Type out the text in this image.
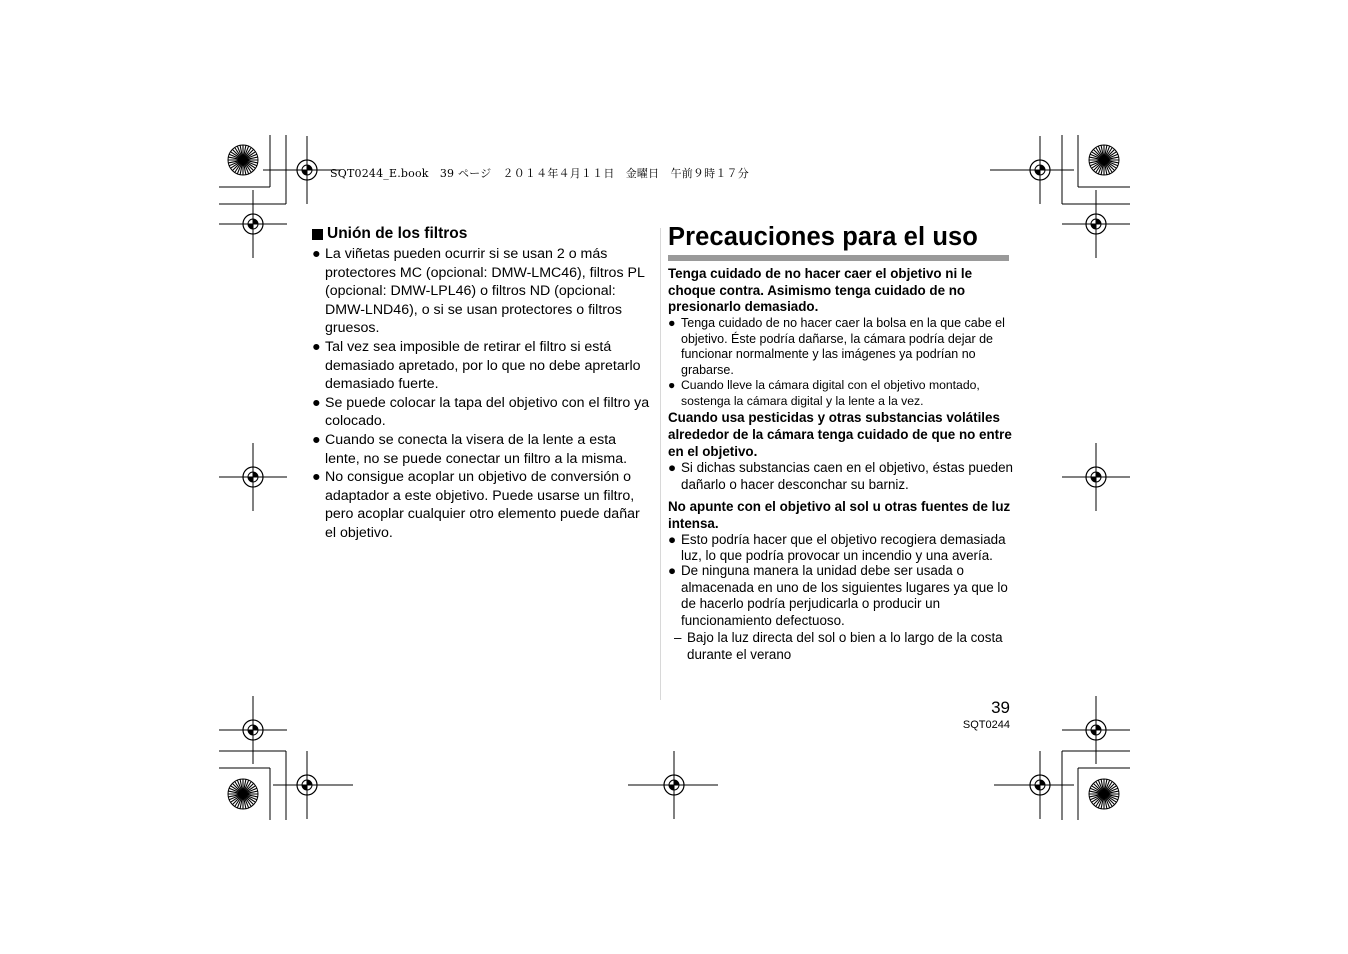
SQT0244_E.book　39 ページ　２０１４年４月１１日　金曜日　午前９時１７分
Unión de los filtros

● La viñetas pueden ocurrir si se usan 2 o más protectores MC (opcional: DMW-LMC46), filtros PL (opcional: DMW-LPL46) o filtros ND (opcional: DMW-LND46), o si se usan protectores o filtros gruesos.

● Tal vez sea imposible de retirar el filtro si está demasiado apretado, por lo que no debe apretarlo demasiado fuerte.

● Se puede colocar la tapa del objetivo con el filtro ya colocado.

● Cuando se conecta la visera de la lente a esta lente, no se puede conectar un filtro a la misma.

● No consigue acoplar un objetivo de conversión o adaptador a este objetivo. Puede usarse un filtro, pero acoplar cualquier otro elemento puede dañar el objetivo.

Precauciones para el uso

Tenga cuidado de no hacer caer el objetivo ni le choque contra. Asimismo tenga cuidado de no presionarlo demasiado.

● Tenga cuidado de no hacer caer la bolsa en la que cabe el objetivo. Éste podría dañarse, la cámara podría dejar de funcionar normalmente y las imágenes ya podrían no grabarse.

● Cuando lleve la cámara digital con el objetivo montado, sostenga la cámara digital y la lente a la vez.

Cuando usa pesticidas y otras substancias volátiles alrededor de la cámara tenga cuidado de que no entre en el objetivo.

● Si dichas substancias caen en el objetivo, éstas pueden dañarlo o hacer desconchar su barniz.

No apunte con el objetivo al sol u otras fuentes de luz intensa.

● Esto podría hacer que el objetivo recogiera demasiada luz, lo que podría provocar un incendio y una avería.

● De ninguna manera la unidad debe ser usada o almacenada en uno de los siguientes lugares ya que lo de hacerlo podría perjudicarla o producir un funcionamiento defectuoso.

– Bajo la luz directa del sol o bien a lo largo de la costa durante el verano

39
SQT0244
